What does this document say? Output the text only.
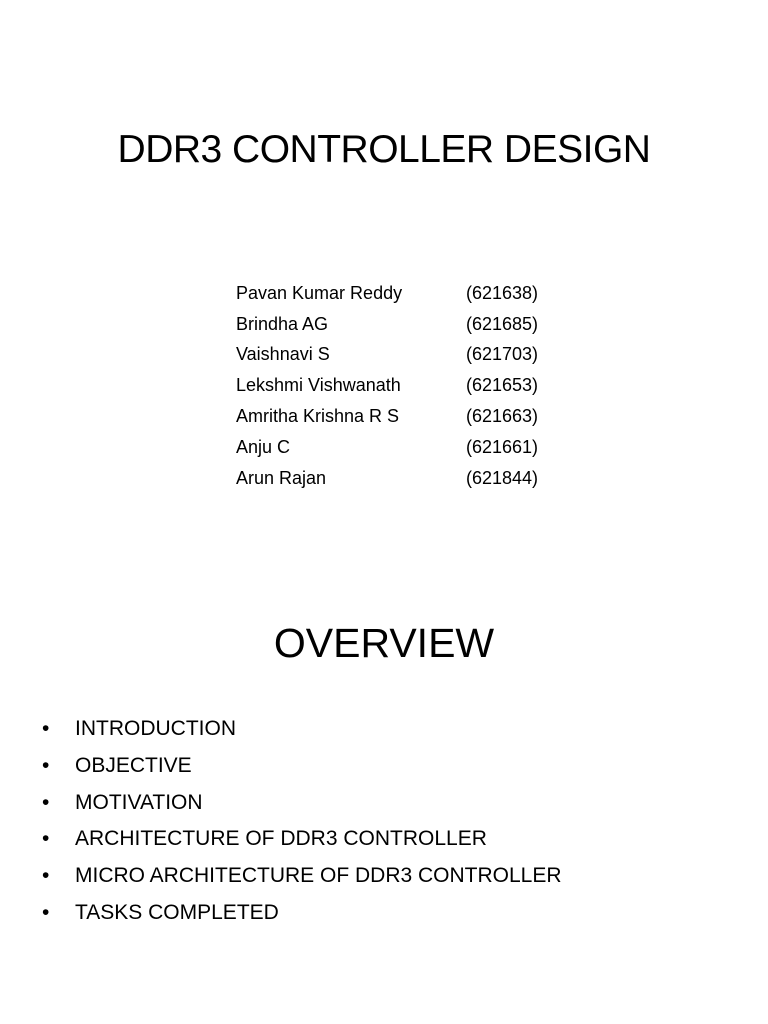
DDR3 CONTROLLER DESIGN
Pavan Kumar Reddy	(621638)
Brindha AG	(621685)
Vaishnavi S	(621703)
Lekshmi Vishwanath	(621653)
Amritha Krishna R S	(621663)
Anju C	(621661)
Arun Rajan	(621844)
OVERVIEW
•	INTRODUCTION
•	OBJECTIVE
•	MOTIVATION
•	ARCHITECTURE OF DDR3 CONTROLLER
•	MICRO ARCHITECTURE OF DDR3 CONTROLLER
•	TASKS COMPLETED
